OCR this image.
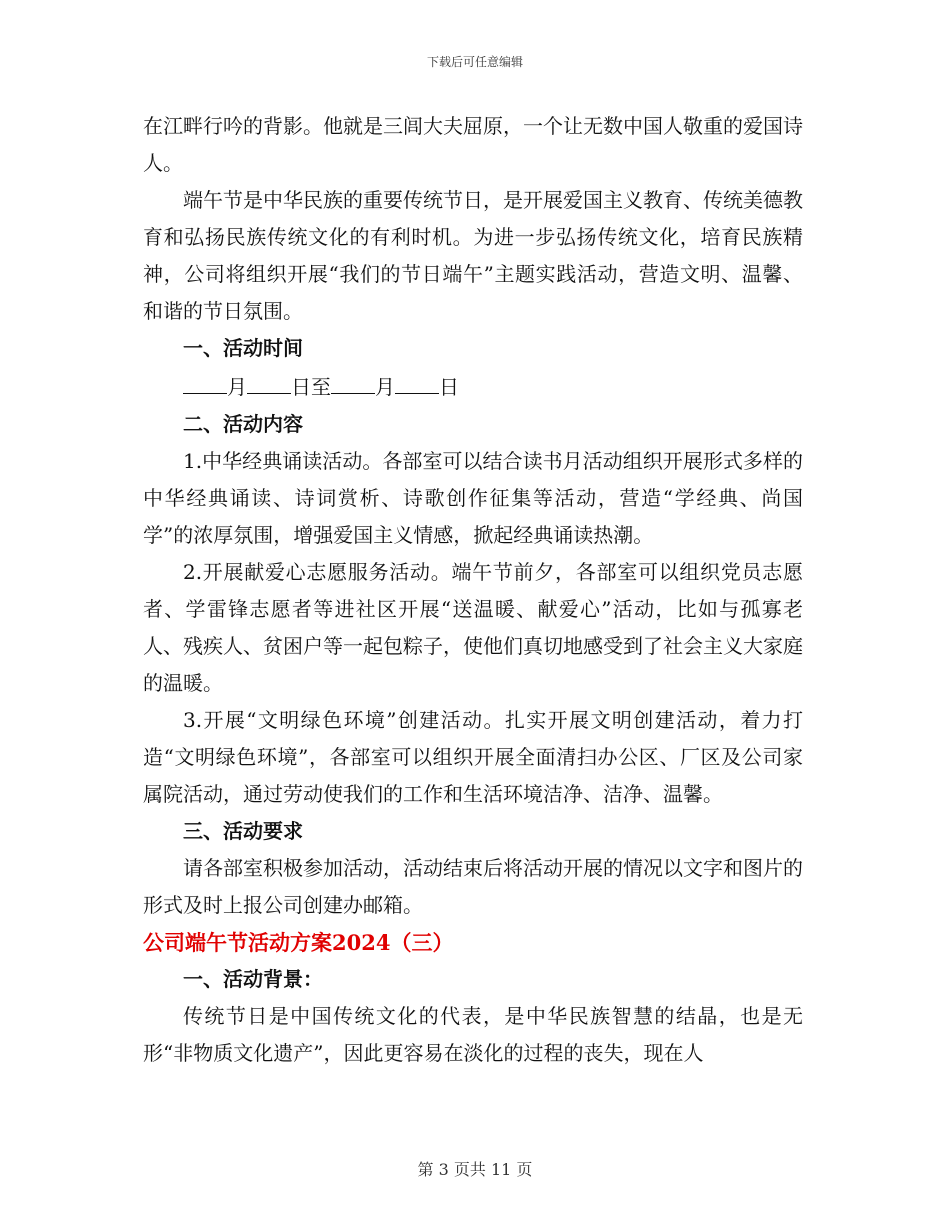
下载后可任意编辑

在江畔行吟的背影。他就是三闾大夫屈原，一个让无数中国人敬重的爱国诗人。

端午节是中华民族的重要传统节日，是开展爱国主义教育、传统美德教育和弘扬民族传统文化的有利时机。为进一步弘扬传统文化，培育民族精神，公司将组织开展“我们的节日端午”主题实践活动，营造文明、温馨、和谐的节日氛围。

一、活动时间

月 日至 月 日

二、活动内容

1.中华经典诵读活动。各部室可以结合读书月活动组织开展形式多样的中华经典诵读、诗词赏析、诗歌创作征集等活动，营造“学经典、尚国学”的浓厚氛围，增强爱国主义情感，掀起经典诵读热潮。

2.开展献爱心志愿服务活动。端午节前夕，各部室可以组织党员志愿者、学雷锋志愿者等进社区开展“送温暖、献爱心”活动，比如与孤寡老人、残疾人、贫困户等一起包粽子，使他们真切地感受到了社会主义大家庭的温暖。

3.开展“文明绿色环境”创建活动。扎实开展文明创建活动，着力打造“文明绿色环境”，各部室可以组织开展全面清扫办公区、厂区及公司家属院活动，通过劳动使我们的工作和生活环境洁净、洁净、温馨。

三、活动要求

请各部室积极参加活动，活动结束后将活动开展的情况以文字和图片的形式及时上报公司创建办邮箱。

公司端午节活动方案2024（三）

一、活动背景：

传统节日是中国传统文化的代表，是中华民族智慧的结晶，也是无形“非物质文化遗产”，因此更容易在淡化的过程的丧失，现在人

第 3 页共 11 页
